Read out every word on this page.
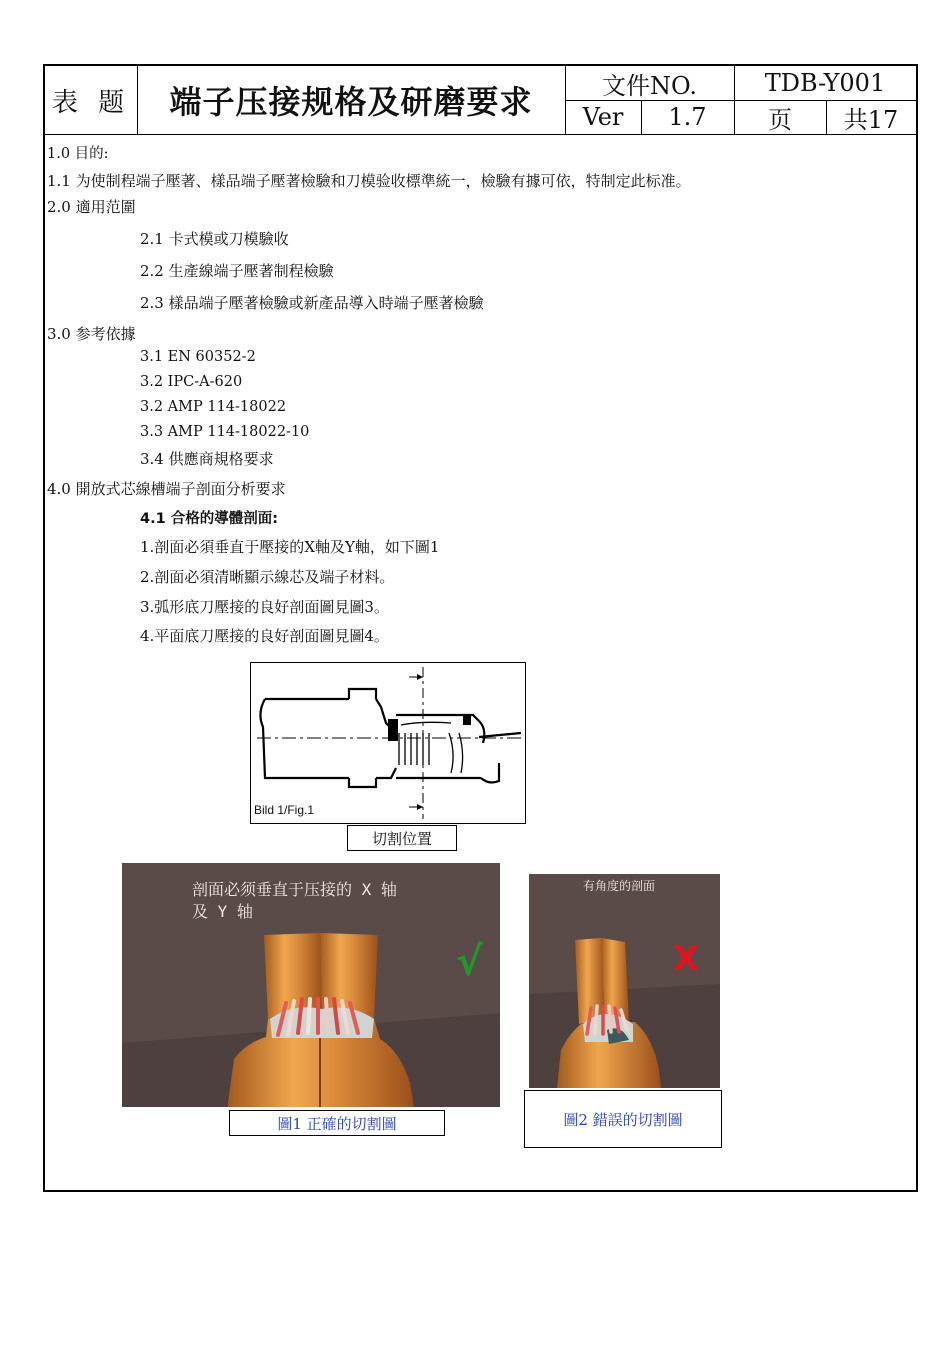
表 题	端子压接规格及研磨要求	文件NO.	TDB-Y001
Ver	1.7	页	共17
1.0 目的:
1.1 为使制程端子壓著、樣品端子壓著檢驗和刀模验收標準統一，檢驗有據可依，特制定此标准。
2.0 適用范圍
2.1 卡式模或刀模驗收
2.2 生產線端子壓著制程檢驗
2.3 樣品端子壓著檢驗或新產品導入時端子壓著檢驗
3.0 参考依據
3.1 EN 60352-2
3.2 IPC-A-620
3.2 AMP 114-18022
3.3 AMP 114-18022-10
3.4 供應商規格要求
4.0 開放式芯線槽端子剖面分析要求
4.1 合格的導體剖面:
1.剖面必須垂直于壓接的X軸及Y軸，如下圖1
2.剖面必須清晰顯示線芯及端子材料。
3.弧形底刀壓接的良好剖面圖見圖3。
4.平面底刀壓接的良好剖面圖見圖4。
Bild 1/Fig.1
切割位置
剖面必须垂直于压接的 X 轴
及 Y 轴
√
有角度的剖面
X
圖1 正確的切割圖	圖2 錯誤的切割圖
